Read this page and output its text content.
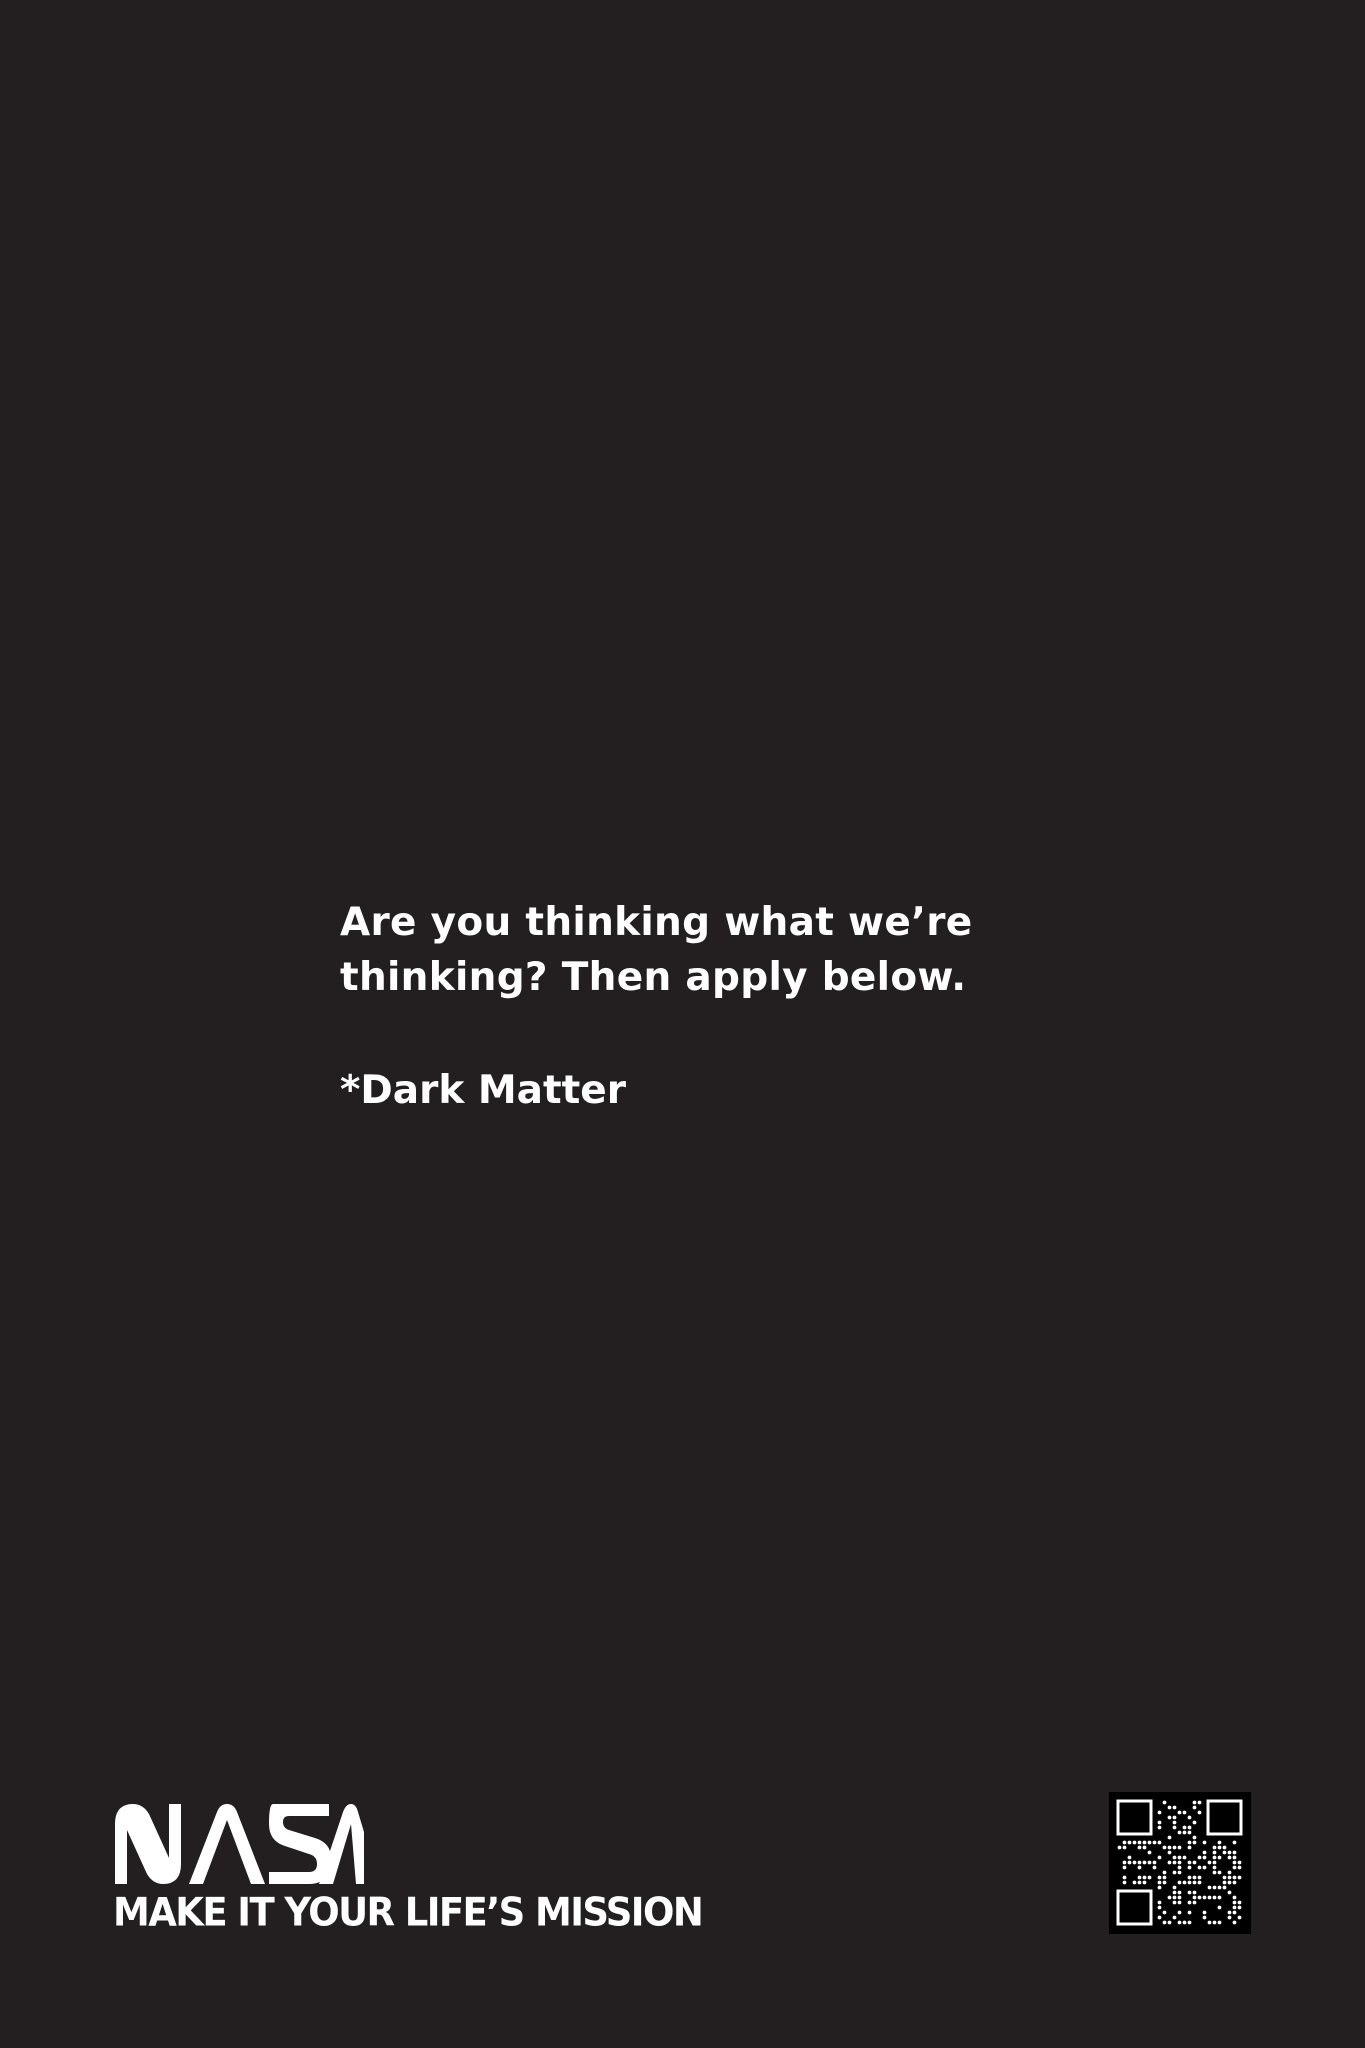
Are you thinking what we’re
thinking? Then apply below.
*Dark Matter
MAKE IT YOUR LIFE’S MISSION
